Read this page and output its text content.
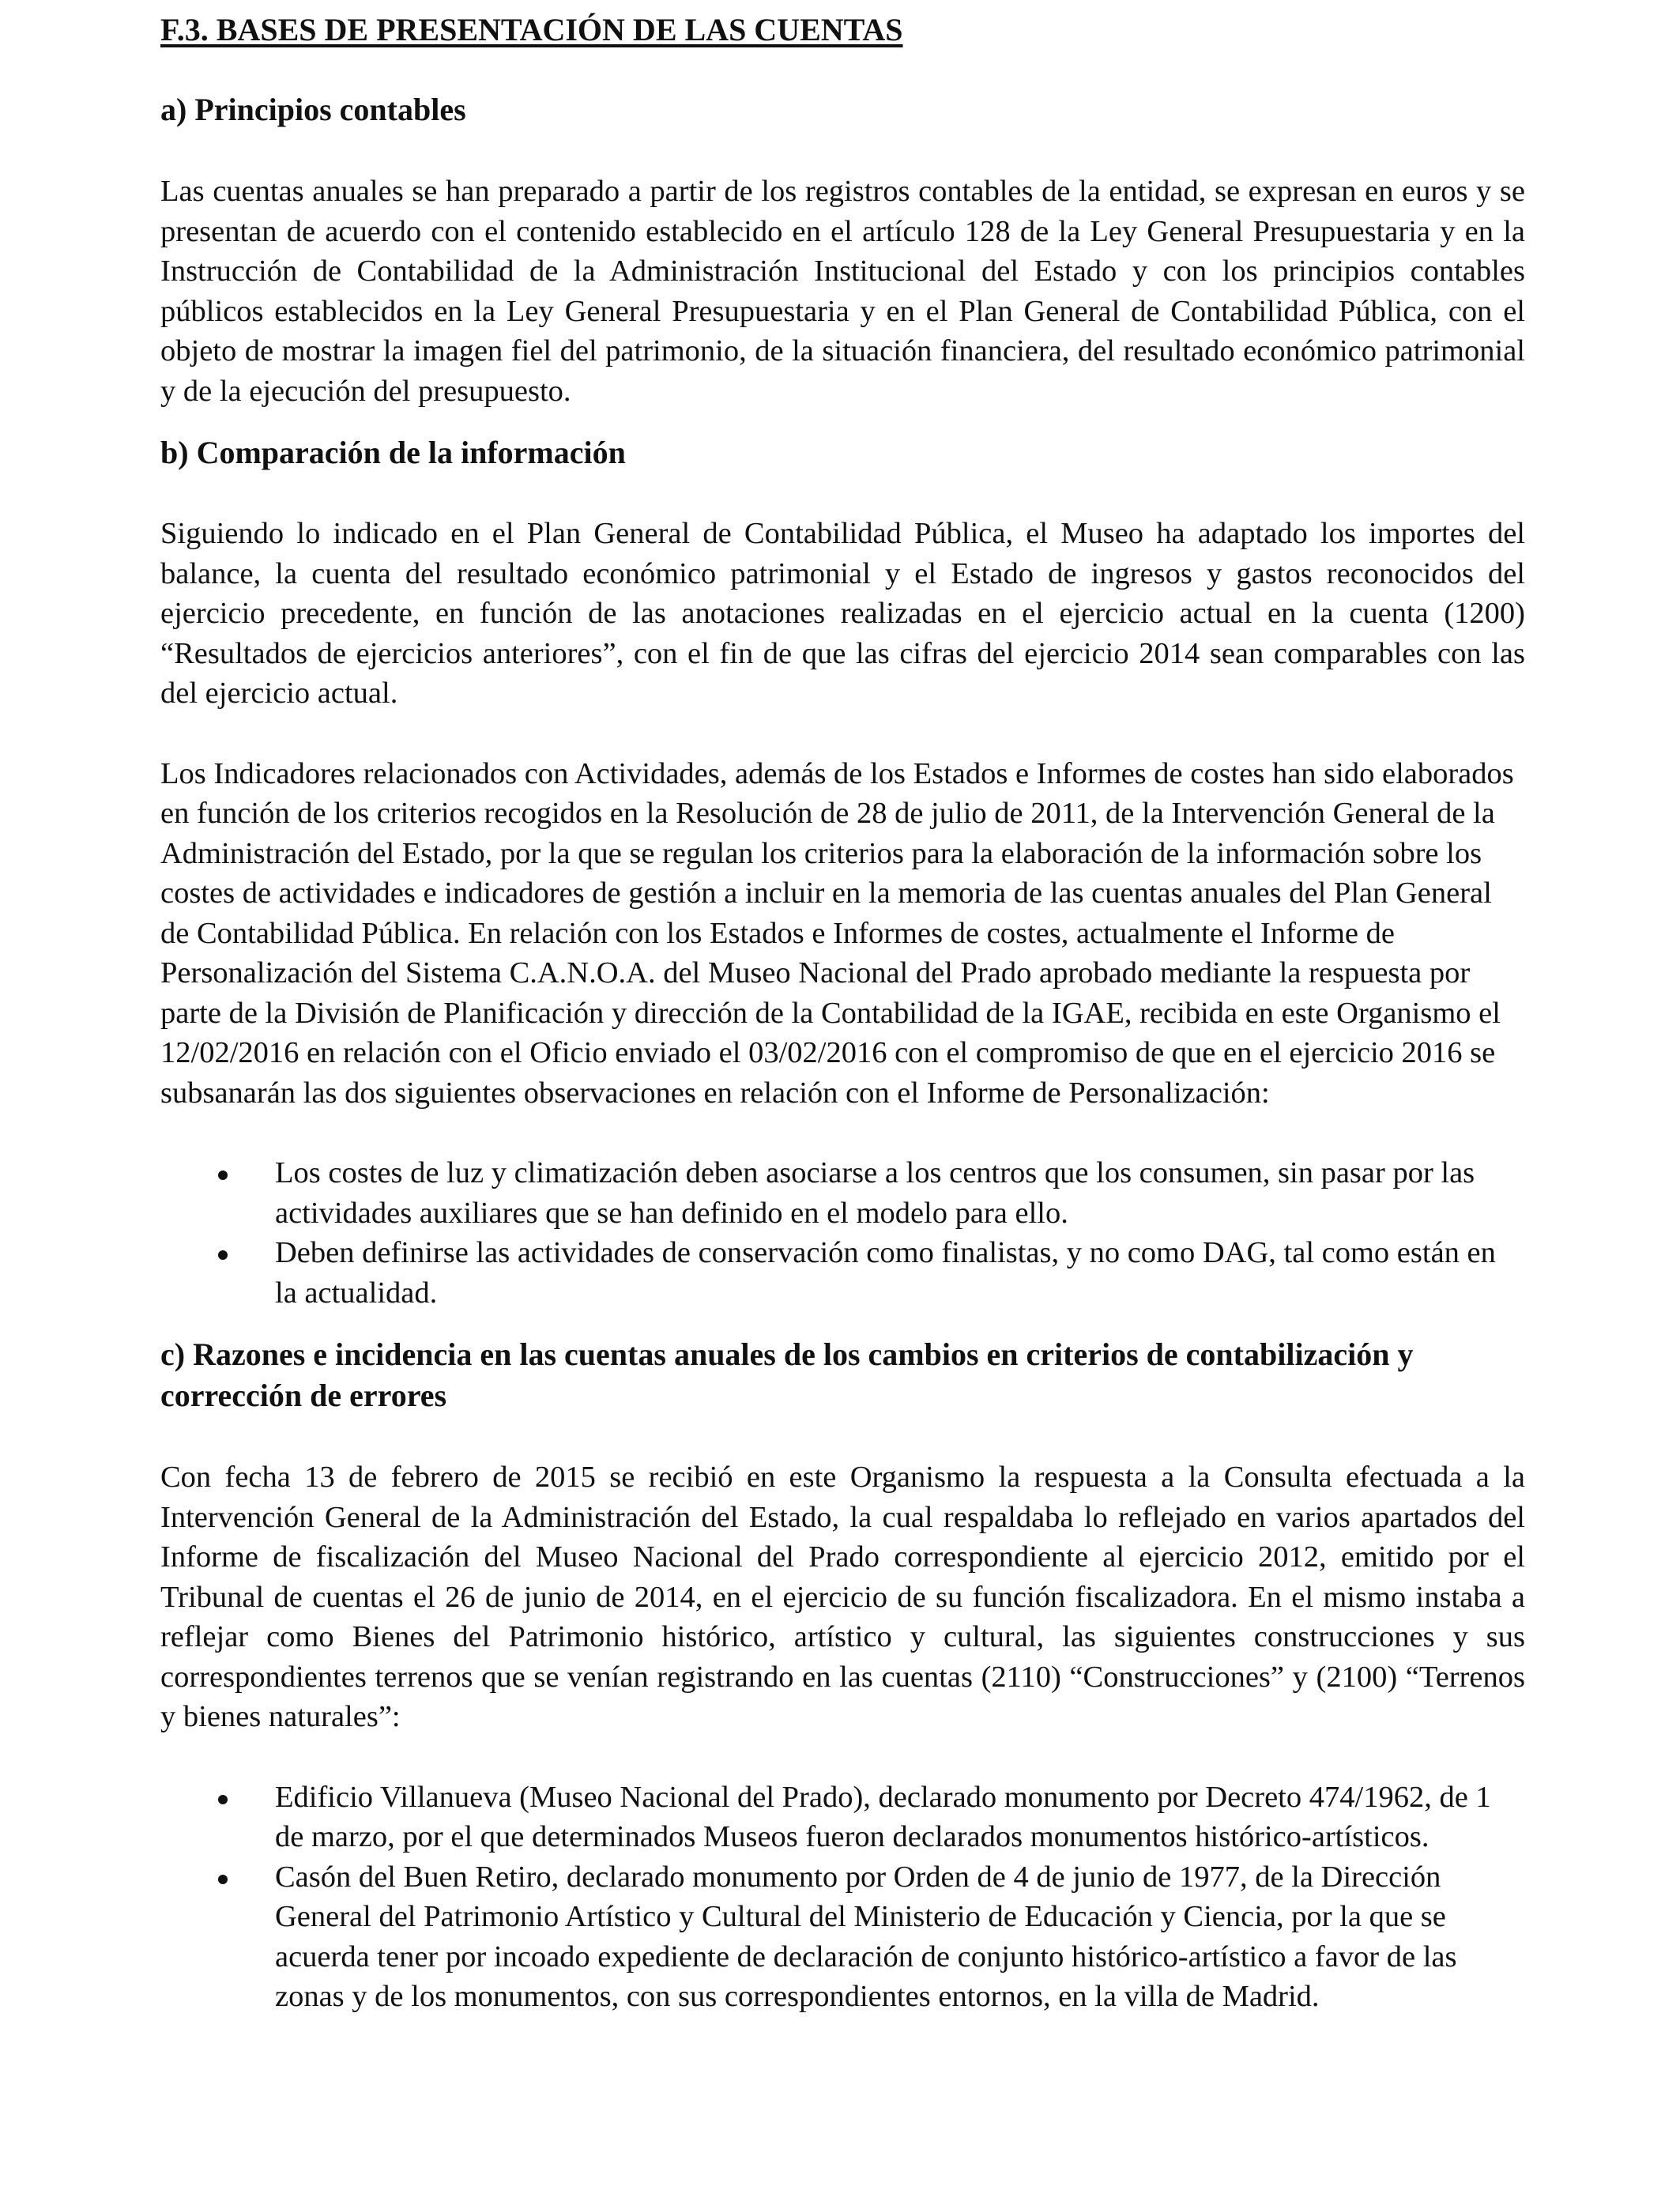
F.3. BASES DE PRESENTACIÓN DE LAS CUENTAS
a) Principios contables

Las cuentas anuales se han preparado a partir de los registros contables de la entidad, se expresan en euros y se presentan de acuerdo con el contenido establecido en el artículo 128 de la Ley General Presupuestaria y en la Instrucción de Contabilidad de la Administración Institucional del Estado y con los principios contables públicos establecidos en la Ley General Presupuestaria y en el Plan General de Contabilidad Pública, con el objeto de mostrar la imagen fiel del patrimonio, de la situación financiera, del resultado económico patrimonial y de la ejecución del presupuesto.

b) Comparación de la información

Siguiendo lo indicado en el Plan General de Contabilidad Pública, el Museo ha adaptado los importes del balance, la cuenta del resultado económico patrimonial y el Estado de ingresos y gastos reconocidos del ejercicio precedente, en función de las anotaciones realizadas en el ejercicio actual en la cuenta (1200) “Resultados de ejercicios anteriores”, con el fin de que las cifras del ejercicio 2014 sean comparables con las del ejercicio actual.

Los Indicadores relacionados con Actividades, además de los Estados e Informes de costes han sido elaborados en función de los criterios recogidos en la Resolución de 28 de julio de 2011, de la Intervención General de la Administración del Estado, por la que se regulan los criterios para la elaboración de la información sobre los costes de actividades e indicadores de gestión a incluir en la memoria de las cuentas anuales del Plan General de Contabilidad Pública. En relación con los Estados e Informes de costes, actualmente el Informe de Personalización del Sistema C.A.N.O.A. del Museo Nacional del Prado aprobado mediante la respuesta por parte de la División de Planificación y dirección de la Contabilidad de la IGAE, recibida en este Organismo el 12/02/2016 en relación con el Oficio enviado el 03/02/2016 con el compromiso de que en el ejercicio 2016 se subsanarán las dos siguientes observaciones en relación con el Informe de Personalización:

Los costes de luz y climatización deben asociarse a los centros que los consumen, sin pasar por las actividades auxiliares que se han definido en el modelo para ello.
Deben definirse las actividades de conservación como finalistas, y no como DAG, tal como están en la actualidad.
c) Razones e incidencia en las cuentas anuales de los cambios en criterios de contabilización y corrección de errores

Con fecha 13 de febrero de 2015 se recibió en este Organismo la respuesta a la Consulta efectuada a la Intervención General de la Administración del Estado, la cual respaldaba lo reflejado en varios apartados del Informe de fiscalización del Museo Nacional del Prado correspondiente al ejercicio 2012, emitido por el Tribunal de cuentas el 26 de junio de 2014, en el ejercicio de su función fiscalizadora. En el mismo instaba a reflejar como Bienes del Patrimonio histórico, artístico y cultural, las siguientes construcciones y sus correspondientes terrenos que se venían registrando en las cuentas (2110) “Construcciones” y (2100) “Terrenos y bienes naturales”:

Edificio Villanueva (Museo Nacional del Prado), declarado monumento por Decreto 474/1962, de 1 de marzo, por el que determinados Museos fueron declarados monumentos histórico-artísticos.
Casón del Buen Retiro, declarado monumento por Orden de 4 de junio de 1977, de la Dirección General del Patrimonio Artístico y Cultural del Ministerio de Educación y Ciencia, por la que se acuerda tener por incoado expediente de declaración de conjunto histórico-artístico a favor de las zonas y de los monumentos, con sus correspondientes entornos, en la villa de Madrid.
